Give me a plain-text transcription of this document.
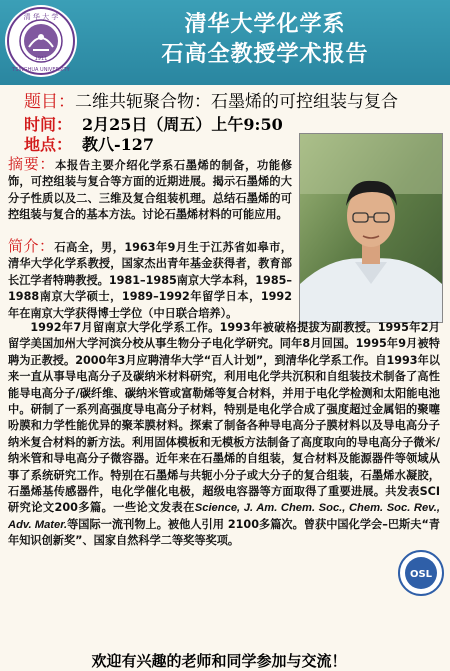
清 华 大 学
TSINGHUA UNIVERSITY
1911
清华大学化学系
石高全教授学术报告
题目：二维共轭聚合物：石墨烯的可控组装与复合
时间： 2月25日（周五）上午9:50
地点： 教八-127
摘要：本报告主要介绍化学系石墨烯的制备，功能修饰，可控组装与复合等方面的近期进展。揭示石墨烯的大分子性质以及二、三维及复合组装机理。总结石墨烯的可控组装与复合的基本方法。讨论石墨烯材料的可能应用。
简介：石高全，男，1963年9月生于江苏省如皋市，清华大学化学系教授，国家杰出青年基金获得者，教育部长江学者特聘教授。1981–1985南京大学本科，1985–1988南京大学硕士，1989–1992年留学日本，1992年在南京大学获得博士学位（中日联合培养）。
1992年7月留南京大学化学系工作。1993年被破格提拔为副教授。1995年2月留学美国加州大学河滨分校从事生物分子电化学研究。同年8月回国。1995年9月被特聘为正教授。2000年3月应聘清华大学“百人计划”，到清华化学系工作。自1993年以来一直从事导电高分子及碳纳米材料研究，利用电化学共沉积和自组装技术制备了高性能导电高分子/碳纤维、碳纳米管或富勒烯等复合材料，并用于电化学检测和太阳能电池中。研制了一系列高强度导电高分子材料，特别是电化学合成了强度超过金属铝的聚噻吩膜和力学性能优异的聚苯膜材料。探索了制备各种导电高分子膜材料以及导电高分子纳米复合材料的新方法。利用固体模板和无模板方法制备了高度取向的导电高分子微米/纳米管和导电高分子微容器。近年来在石墨烯的自组装，复合材料及能源器件等领域从事了系统研究工作。特别在石墨烯与共轭小分子或大分子的复合组装，石墨烯水凝胶，石墨烯基传感器件，电化学催化电极，超级电容器等方面取得了重要进展。共发表SCI研究论文200多篇。一些论文发表在Science, J. Am. Chem. Soc., Chem. Soc. Rev., Adv. Mater.等国际一流刊物上。被他人引用 2100多篇次。曾获中国化学会–巴斯夫“青年知识创新奖”、国家自然科学二等奖等奖项。
欢迎有兴趣的老师和同学参加与交流！
OSL
